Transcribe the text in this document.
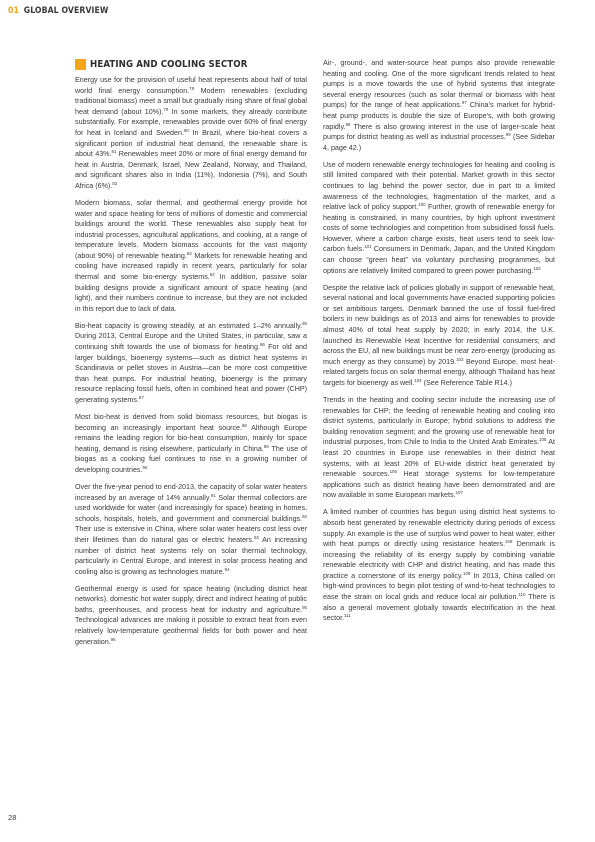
01 GLOBAL OVERVIEW
HEATING AND COOLING SECTOR

Energy use for the provision of useful heat represents about half of total world final energy consumption.$^{78}$ Modern renewables (excluding traditional biomass) meet a small but gradually rising share of final global heat demand (about 10%).$^{79}$ In some markets, they already contribute substantially. For example, renewables provide over 60% of final energy for heat in Iceland and Sweden.$^{80}$ In Brazil, where bio-heat covers a significant portion of industrial heat demand, the renewable share is about 43%.$^{81}$ Renewables meet 20% or more of final energy demand for heat in Austria, Denmark, Israel, New Zealand, Norway, and Thailand, and significant shares also in India (11%), Indonesia (7%), and South Africa (6%).$^{82}$

Modern biomass, solar thermal, and geothermal energy provide hot water and space heating for tens of millions of domestic and commercial buildings around the world. These renewables also supply heat for industrial processes, agricultural applications, and cooking, at a range of temperature levels. Modern biomass accounts for the vast majority (about 90%) of renewable heating.$^{83}$ Markets for renewable heating and cooling have increased rapidly in recent years, particularly for solar thermal and some bio-energy systems.$^{84}$ In addition, passive solar building designs provide a significant amount of space heating (and light), and their numbers continue to increase, but they are not included in this report due to lack of data.

Bio-heat capacity is growing steadily, at an estimated 1–2% annually.$^{85}$ During 2013, Central Europe and the United States, in particular, saw a continuing shift towards the use of biomass for heating.$^{86}$ For old and larger buildings, bioenergy systems—such as district heat systems in Scandinavia or pellet stoves in Austria—can be more cost competitive than heat pumps. For industrial heating, bioenergy is the primary resource replacing fossil fuels, often in combined heat and power (CHP) generating systems.$^{87}$

Most bio-heat is derived from solid biomass resources, but biogas is becoming an increasingly important heat source.$^{88}$ Although Europe remains the leading region for bio-heat consumption, mainly for space heating, demand is rising elsewhere, particularly in China.$^{89}$ The use of biogas as a cooking fuel continues to rise in a growing number of developing countries.$^{90}$

Over the five-year period to end-2013, the capacity of solar water heaters increased by an average of 14% annually.$^{91}$ Solar thermal collectors are used worldwide for water (and increasingly for space) heating in homes, schools, hospitals, hotels, and government and commercial buildings.$^{92}$ Their use is extensive in China, where solar water heaters cost less over their lifetimes than do natural gas or electric heaters.$^{93}$ An increasing number of district heat systems rely on solar thermal technology, particularly in Central Europe, and interest in solar process heating and cooling also is growing as technologies mature.$^{94}$

Geothermal energy is used for space heating (including district heat networks), domestic hot water supply, direct and indirect heating of public baths, greenhouses, and process heat for industry and agriculture.$^{95}$ Technological advances are making it possible to extract heat from even relatively low-temperature geothermal fields for both power and heat generation.$^{96}$

Air-, ground-, and water-source heat pumps also provide renewable heating and cooling. One of the more significant trends related to heat pumps is a move towards the use of hybrid systems that integrate several energy resources (such as solar thermal or biomass with heat pumps) for the range of heat applications.$^{97}$ China’s market for hybrid-heat pump products is double the size of Europe’s, with both growing rapidly.$^{98}$ There is also growing interest in the use of larger-scale heat pumps for district heating as well as industrial processes.$^{99}$ (See Sidebar 4, page 42.)

Use of modern renewable energy technologies for heating and cooling is still limited compared with their potential. Market growth in this sector continues to lag behind the power sector, due in part to a limited awareness of the technologies, fragmentation of the market, and a relative lack of policy support.$^{100}$ Further, growth of renewable energy for heating is constrained, in many countries, by high upfront investment costs of some technologies and competition from subsidised fossil fuels. However, where a carbon charge exists, heat users tend to seek low-carbon fuels.$^{101}$ Consumers in Denmark, Japan, and the United Kingdom can choose “green heat” via voluntary purchasing programmes, but options are relatively limited compared to green power purchasing.$^{102}$

Despite the relative lack of policies globally in support of renewable heat, several national and local governments have enacted supporting policies or set ambitious targets. Denmark banned the use of fossil fuel-fired boilers in new buildings as of 2013 and aims for renewables to provide almost 40% of total heat supply by 2020; in early 2014, the U.K. launched its Renewable Heat Incentive for residential consumers; and across the EU, all new buildings must be near zero-energy (producing as much energy as they consume) by 2019.$^{103}$ Beyond Europe, most heat-related targets focus on solar thermal energy, although Thailand has heat targets for bioenergy as well.$^{104}$ (See Reference Table R14.)

Trends in the heating and cooling sector include the increasing use of renewables for CHP; the feeding of renewable heating and cooling into district systems, particularly in Europe; hybrid solutions to address the building renovation segment; and the growing use of renewable heat for industrial purposes, from Chile to India to the United Arab Emirates.$^{105}$ At least 20 countries in Europe use renewables in their district heat systems, with at least 20% of EU-wide district heat generated by renewable sources.$^{106}$ Heat storage systems for low-temperature applications such as district heating have been demonstrated and are now available in some European markets.$^{107}$

A limited number of countries has begun using district heat systems to absorb heat generated by renewable electricity during periods of excess supply. An example is the use of surplus wind power to heat water, either with heat pumps or directly using resistance heaters.$^{108}$ Denmark is increasing the reliability of its energy supply by combining variable renewable electricity with CHP and district heating, and has made this practice a cornerstone of its energy policy.$^{109}$ In 2013, China called on high-wind provinces to begin pilot testing of wind-to-heat technologies to ease the strain on local grids and reduce local air pollution.$^{110}$ There is also a general movement globally towards electrification in the heat sector.$^{111}$

28
